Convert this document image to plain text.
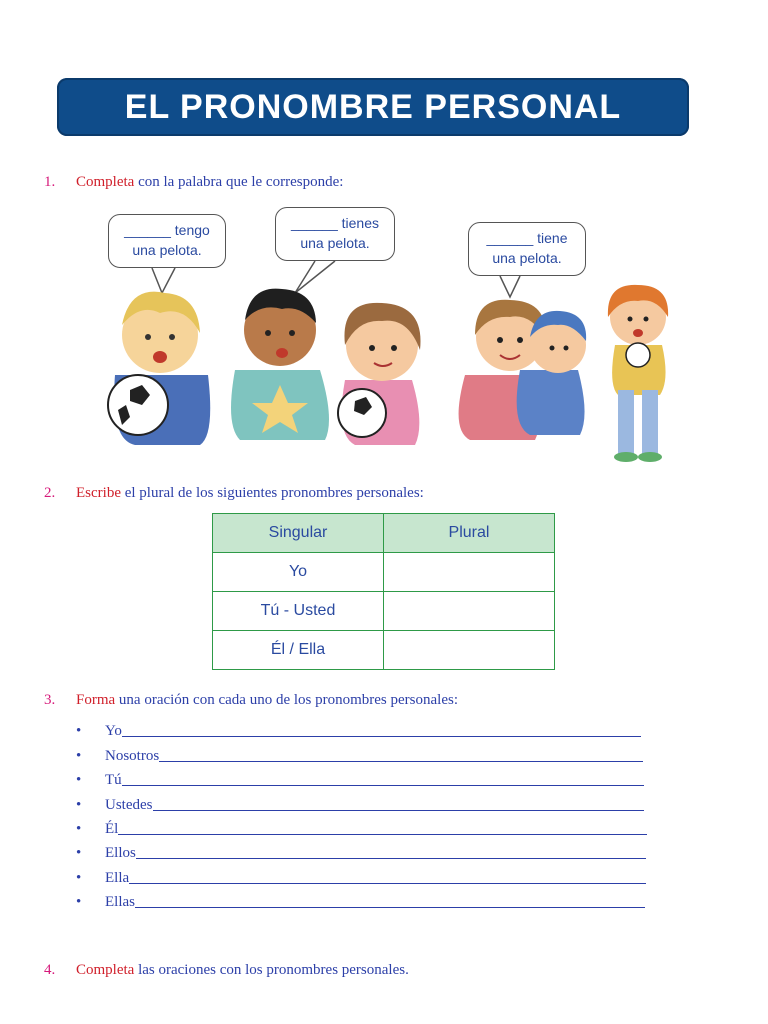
EL PRONOMBRE PERSONAL
1. Completa con la palabra que le corresponde:
______ tengo
una pelota.
______ tienes
una pelota.	______ tiene
una pelota.
2. Escribe el plural de los siguientes pronombres personales:
Singular	Plural
Yo	
Tú - Usted	
Él / Ella	
3. Forma una oración con cada uno de los pronombres personales:
•	Yo
•	Nosotros
•	Tú
•	Ustedes
•	Él
•	Ellos
•	Ella
•	Ellas
4. Completa las oraciones con los pronombres personales.
